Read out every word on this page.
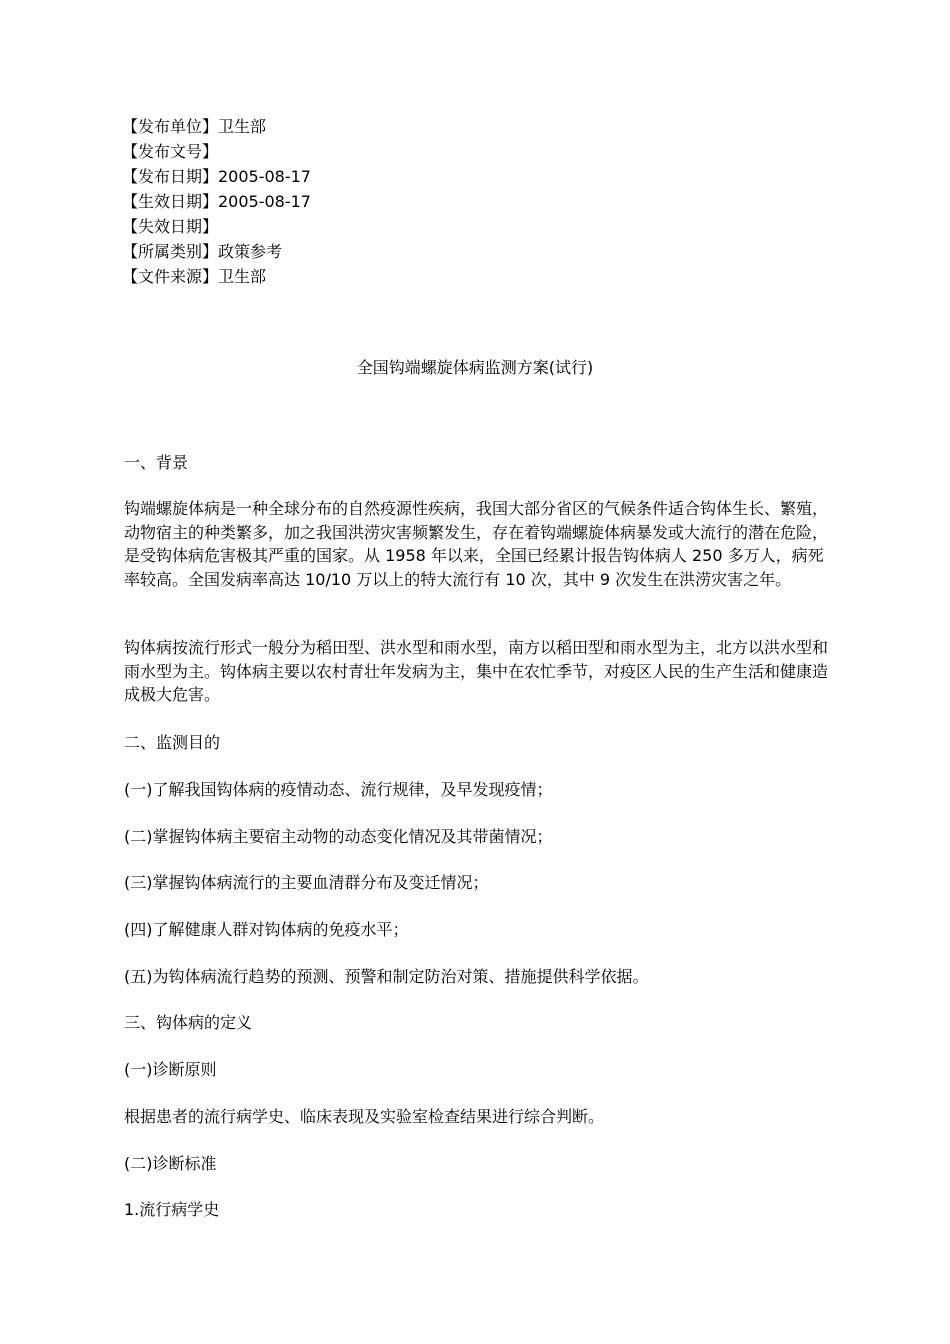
【发布单位】卫生部
【发布文号】
【发布日期】2005-08-17
【生效日期】2005-08-17
【失效日期】
【所属类别】政策参考
【文件来源】卫生部
全国钩端螺旋体病监测方案(试行)

一、背景

钩端螺旋体病是一种全球分布的自然疫源性疾病，我国大部分省区的气候条件适合钩体生长、繁殖，动物宿主的种类繁多，加之我国洪涝灾害频繁发生，存在着钩端螺旋体病暴发或大流行的潜在危险，是受钩体病危害极其严重的国家。从 1958 年以来，全国已经累计报告钩体病人 250 多万人，病死率较高。全国发病率高达 10/10 万以上的特大流行有 10 次，其中 9 次发生在洪涝灾害之年。

钩体病按流行形式一般分为稻田型、洪水型和雨水型，南方以稻田型和雨水型为主，北方以洪水型和雨水型为主。钩体病主要以农村青壮年发病为主，集中在农忙季节，对疫区人民的生产生活和健康造成极大危害。

二、监测目的

(一)了解我国钩体病的疫情动态、流行规律，及早发现疫情；

(二)掌握钩体病主要宿主动物的动态变化情况及其带菌情况；

(三)掌握钩体病流行的主要血清群分布及变迁情况；

(四)了解健康人群对钩体病的免疫水平；

(五)为钩体病流行趋势的预测、预警和制定防治对策、措施提供科学依据。

三、钩体病的定义

(一)诊断原则

根据患者的流行病学史、临床表现及实验室检查结果进行综合判断。

(二)诊断标准

1.流行病学史
